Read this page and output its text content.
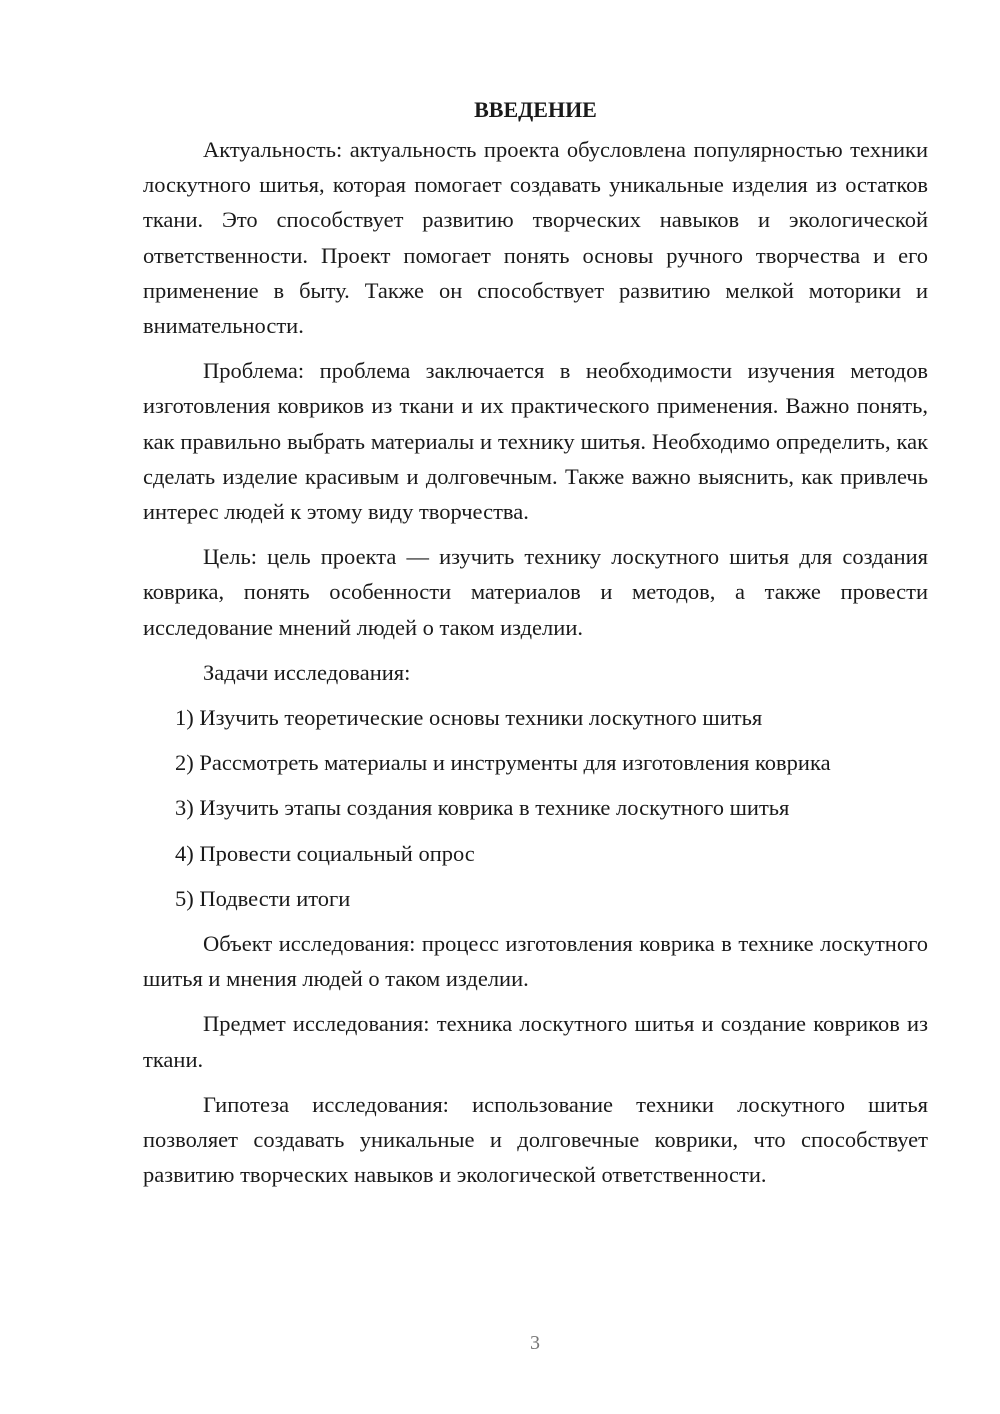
ВВЕДЕНИЕ

Актуальность: актуальность проекта обусловлена популярностью техники лоскутного шитья, которая помогает создавать уникальные изделия из остатков ткани. Это способствует развитию творческих навыков и экологической ответственности. Проект помогает понять основы ручного творчества и его применение в быту. Также он способствует развитию мелкой моторики и внимательности.

Проблема: проблема заключается в необходимости изучения методов изготовления ковриков из ткани и их практического применения. Важно понять, как правильно выбрать материалы и технику шитья. Необходимо определить, как сделать изделие красивым и долговечным. Также важно выяснить, как привлечь интерес людей к этому виду творчества.

Цель: цель проекта — изучить технику лоскутного шитья для создания коврика, понять особенности материалов и методов, а также провести исследование мнений людей о таком изделии.

Задачи исследования:

1) Изучить теоретические основы техники лоскутного шитья

2) Рассмотреть материалы и инструменты для изготовления коврика

3) Изучить этапы создания коврика в технике лоскутного шитья

4) Провести социальный опрос

5) Подвести итоги

Объект исследования: процесс изготовления коврика в технике лоскутного шитья и мнения людей о таком изделии.

Предмет исследования: техника лоскутного шитья и создание ковриков из ткани.

Гипотеза исследования: использование техники лоскутного шитья позволяет создавать уникальные и долговечные коврики, что способствует развитию творческих навыков и экологической ответственности.

3
